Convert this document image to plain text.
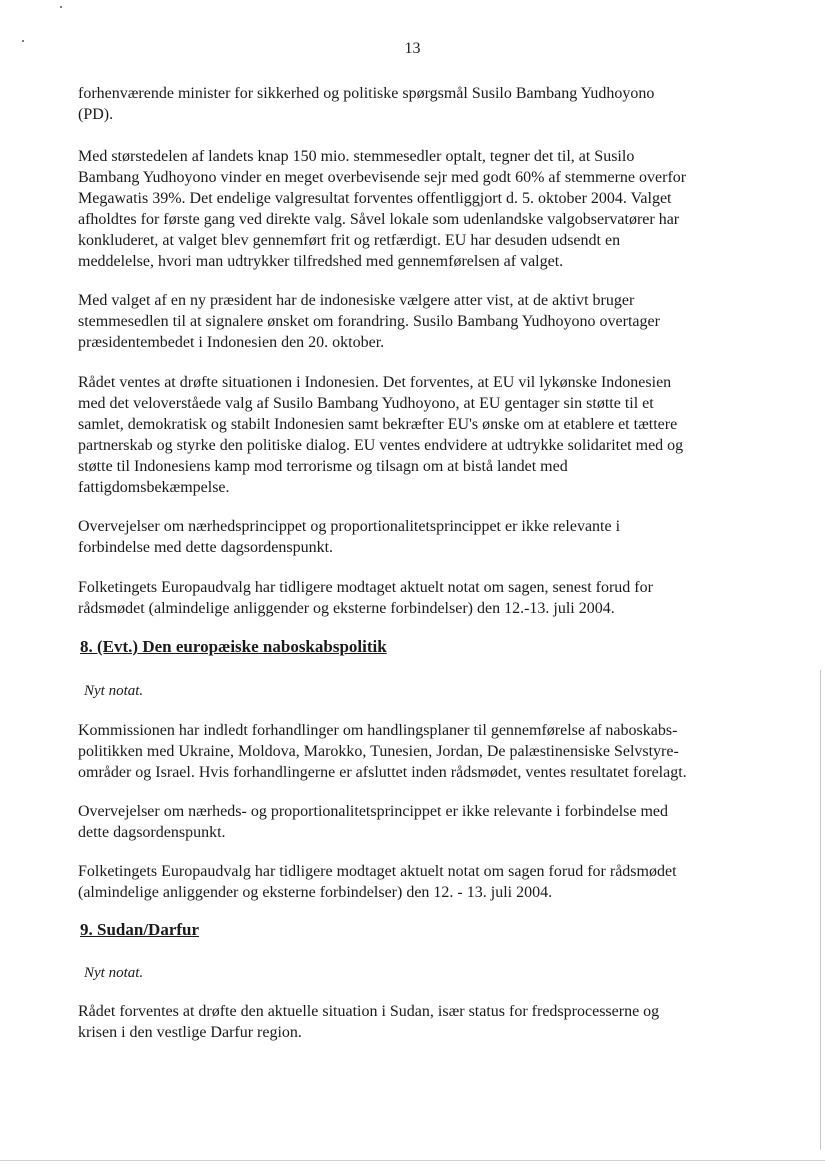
13

forhenværende minister for sikkerhed og politiske spørgsmål Susilo Bambang Yudhoyono
(PD).

Med størstedelen af landets knap 150 mio. stemmesedler optalt, tegner det til, at Susilo
Bambang Yudhoyono vinder en meget overbevisende sejr med godt 60% af stemmerne overfor
Megawatis 39%. Det endelige valgresultat forventes offentliggjort d. 5. oktober 2004. Valget
afholdtes for første gang ved direkte valg. Såvel lokale som udenlandske valgobservatører har
konkluderet, at valget blev gennemført frit og retfærdigt. EU har desuden udsendt en
meddelelse, hvori man udtrykker tilfredshed med gennemførelsen af valget.

Med valget af en ny præsident har de indonesiske vælgere atter vist, at de aktivt bruger
stemmesedlen til at signalere ønsket om forandring. Susilo Bambang Yudhoyono overtager
præsidentembedet i Indonesien den 20. oktober.

Rådet ventes at drøfte situationen i Indonesien. Det forventes, at EU vil lykønske Indonesien
med det veloverståede valg af Susilo Bambang Yudhoyono, at EU gentager sin støtte til et
samlet, demokratisk og stabilt Indonesien samt bekræfter EU's ønske om at etablere et tættere
partnerskab og styrke den politiske dialog. EU ventes endvidere at udtrykke solidaritet med og
støtte til Indonesiens kamp mod terrorisme og tilsagn om at bistå landet med
fattigdomsbekæmpelse.

Overvejelser om nærhedsprincippet og proportionalitetsprincippet er ikke relevante i
forbindelse med dette dagsordenspunkt.

Folketingets Europaudvalg har tidligere modtaget aktuelt notat om sagen, senest forud for
rådsmødet (almindelige anliggender og eksterne forbindelser) den 12.-13. juli 2004.

8. (Evt.) Den europæiske naboskabspolitik
Nyt notat.

Kommissionen har indledt forhandlinger om handlingsplaner til gennemførelse af naboskabs-
politikken med Ukraine, Moldova, Marokko, Tunesien, Jordan, De palæstinensiske Selvstyre-
områder og Israel. Hvis forhandlingerne er afsluttet inden rådsmødet, ventes resultatet forelagt.

Overvejelser om nærheds- og proportionalitetsprincippet er ikke relevante i forbindelse med
dette dagsordenspunkt.

Folketingets Europaudvalg har tidligere modtaget aktuelt notat om sagen forud for rådsmødet
(almindelige anliggender og eksterne forbindelser) den 12. - 13. juli 2004.

9. Sudan/Darfur
Nyt notat.

Rådet forventes at drøfte den aktuelle situation i Sudan, især status for fredsprocesserne og
krisen i den vestlige Darfur region.
